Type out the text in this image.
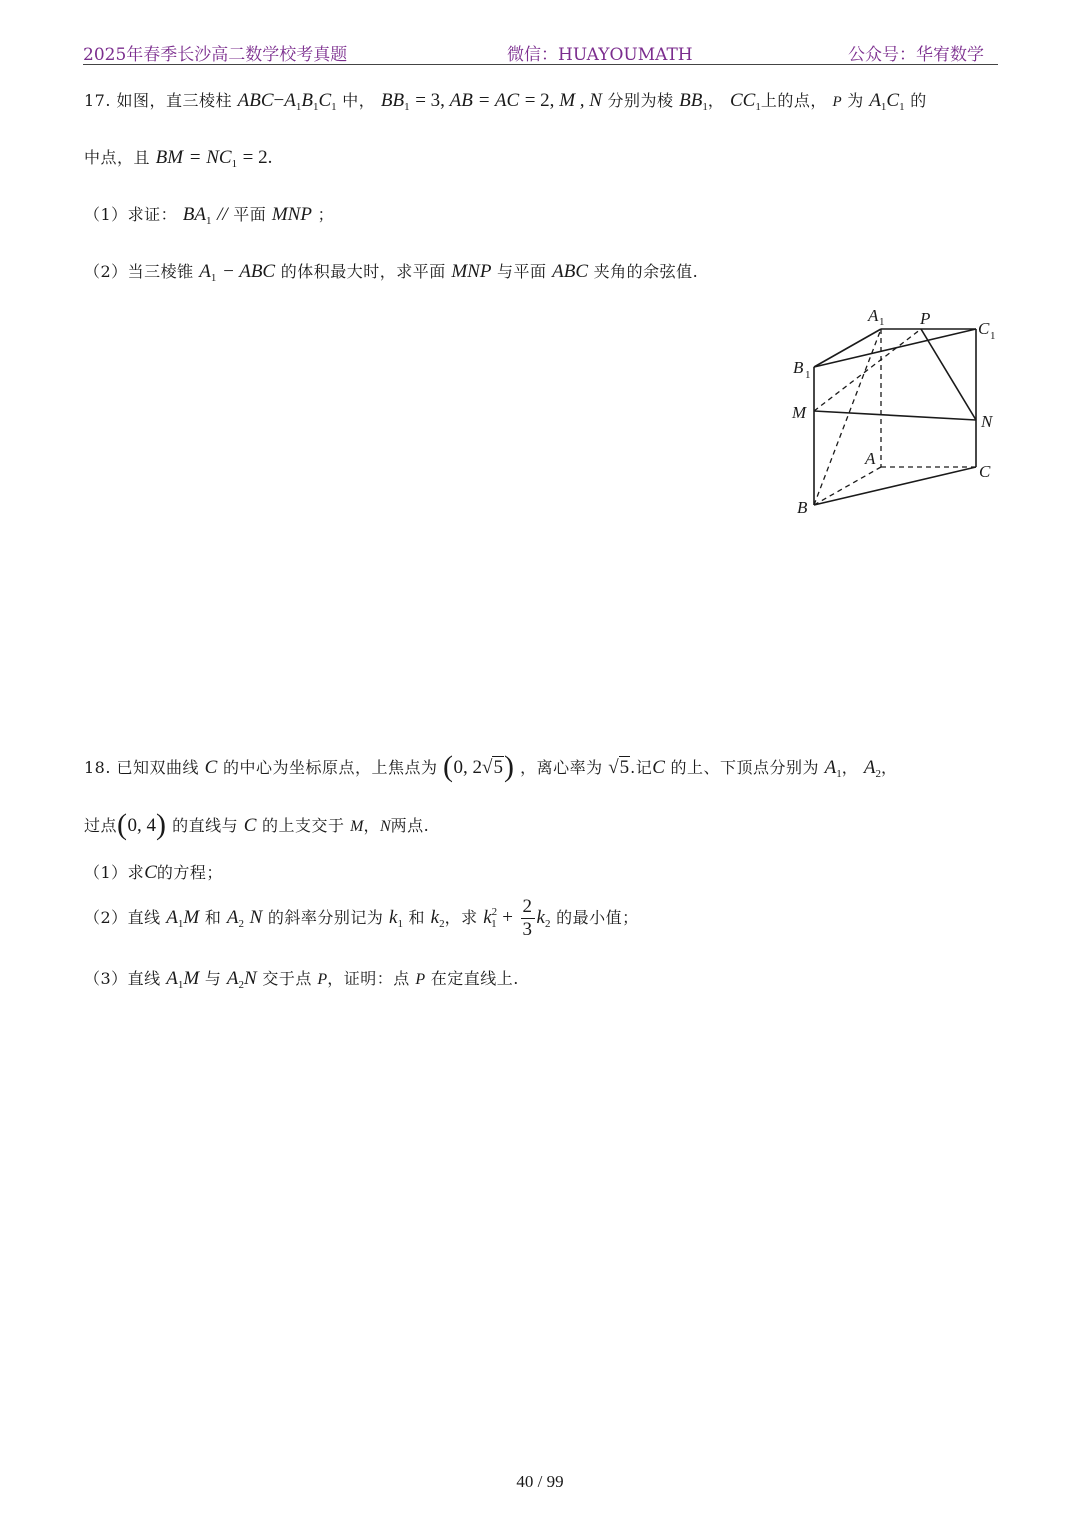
2025年春季长沙高二数学校考真题	微信：HUAYOUMATH	公众号：华宥数学
17. 如图，直三棱柱 $ABC-A_1B_1C_1$ 中， $BB_1 = 3$, AB = AC = 2, M , N 分别为棱 $BB_1$， $CC_1$上的点， P 为 $A_1C_1$ 的
中点，且 BM = $NC_1 = 2$.
（1）求证： $BA_1$ // 平面 MNP ；
（2）当三棱锥 $A_1$ − ABC 的体积最大时，求平面 MNP 与平面 ABC 夹角的余弦值.
A 1 P
C 1
B 1
M	N
A
C
B
18. 已知双曲线 C 的中心为坐标原点，上焦点为 (0, 2√5) ，离心率为 √5.记C 的上、下顶点分别为 $A_1$， $A_2$，
过点(0, 4) 的直线与 C 的上支交于 M，N两点.
（1）求C的方程；
（2）直线 $A_1M$ 和 $A_2$ N 的斜率分别记为 $k_1$ 和 $k_2$，求 $k^2_1 + \frac{2}{3} k_2$ 的最小值；
（3）直线 $A_1M$ 与 $A_2N$ 交于点 P，证明：点 P 在定直线上.
40 / 99
